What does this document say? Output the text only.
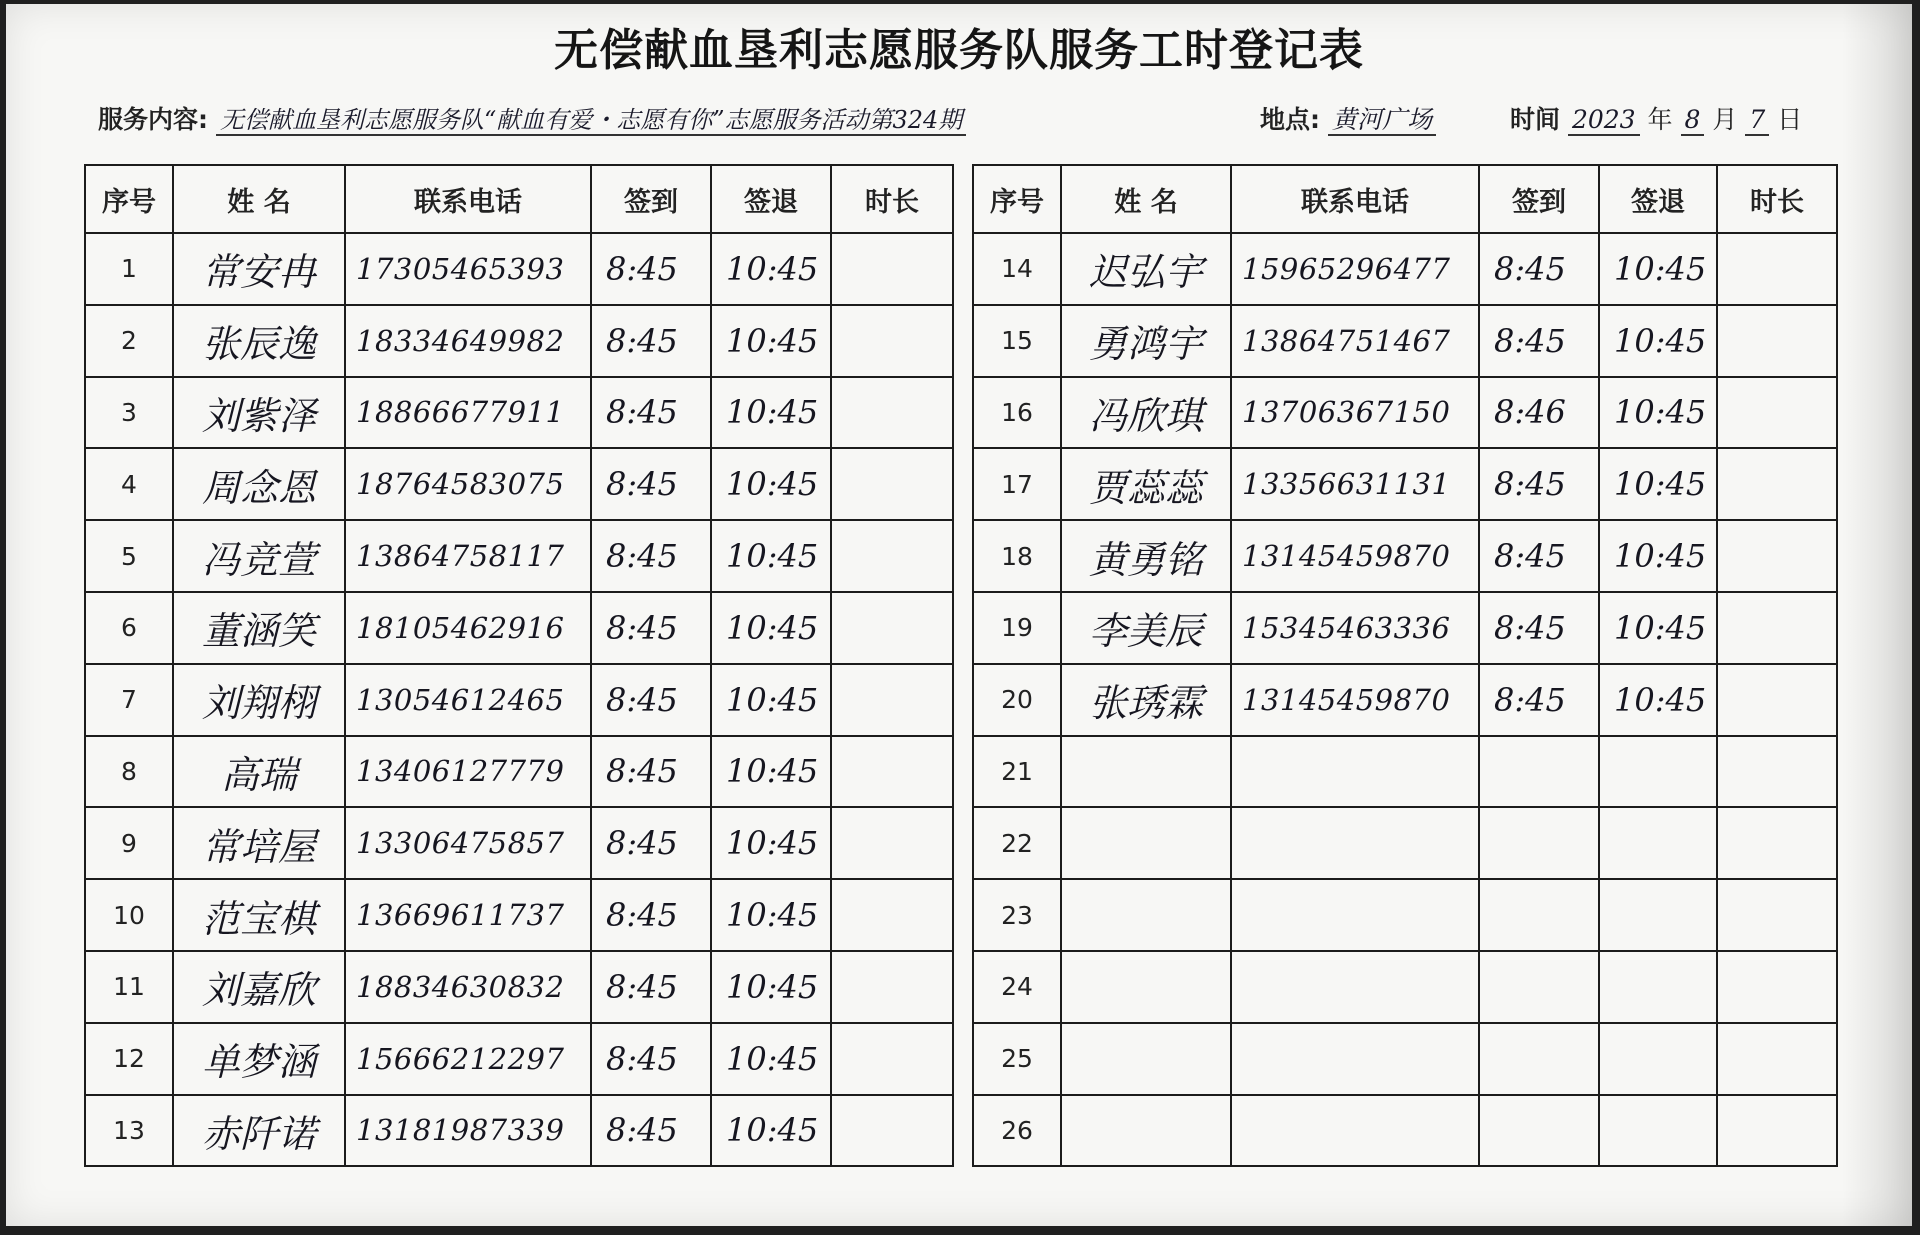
无偿献血垦利志愿服务队服务工时登记表
服务内容: 无偿献血垦利志愿服务队“献血有爱・志愿有你”志愿服务活动第324期	地点: 黄河广场	时间 2023 年 8 月 7 日
序号	姓 名	联系电话	签到	签退	时长
1	常安冉	17305465393	8:45	10:45	
2	张辰逸	18334649982	8:45	10:45	
3	刘紫泽	18866677911	8:45	10:45	
4	周念恩	18764583075	8:45	10:45	
5	冯竞萱	13864758117	8:45	10:45	
6	董涵笑	18105462916	8:45	10:45	
7	刘翔栩	13054612465	8:45	10:45	
8	高瑞	13406127779	8:45	10:45	
9	常培屋	13306475857	8:45	10:45	
10	范宝棋	13669611737	8:45	10:45	
11	刘嘉欣	18834630832	8:45	10:45	
12	单梦涵	15666212297	8:45	10:45	
13	赤阡诺	13181987339	8:45	10:45	
序号	姓 名	联系电话	签到	签退	时长
14	迟弘宇	15965296477	8:45	10:45	
15	勇鸿宇	13864751467	8:45	10:45	
16	冯欣琪	13706367150	8:46	10:45	
17	贾蕊蕊	13356631131	8:45	10:45	
18	黄勇铭	13145459870	8:45	10:45	
19	李美辰	15345463336	8:45	10:45	
20	张琇霖	13145459870	8:45	10:45	
21					
22					
23					
24					
25					
26					
